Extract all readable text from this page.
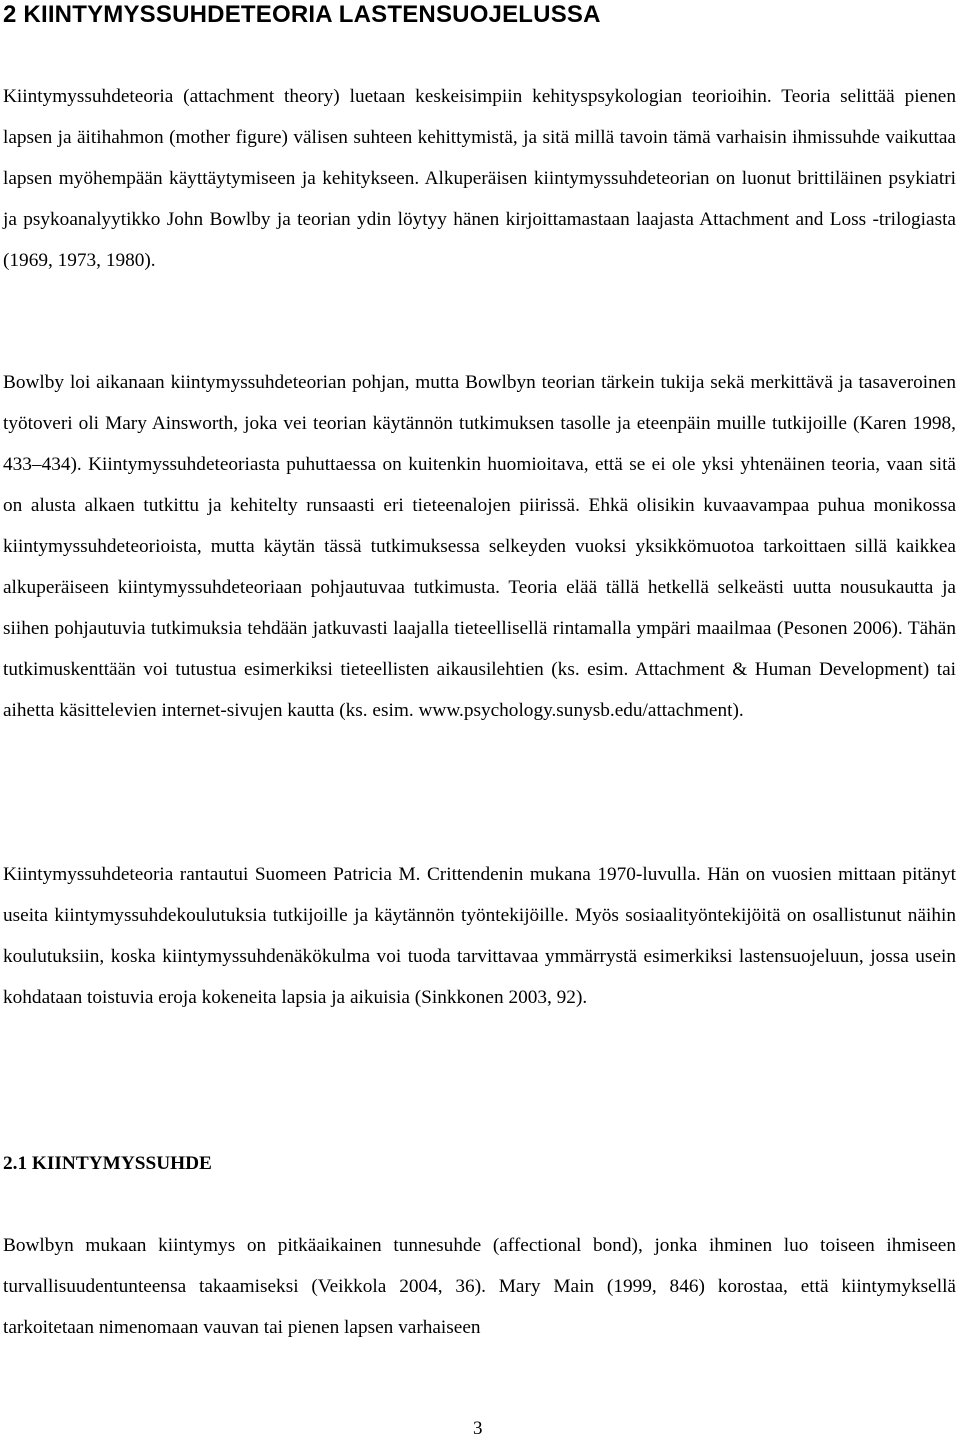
2 KIINTYMYSSUHDETEORIA LASTENSUOJELUSSA

Kiintymyssuhdeteoria (attachment theory) luetaan keskeisimpiin kehityspsykologian teorioihin. Teoria selittää pienen lapsen ja äitihahmon (mother figure) välisen suhteen kehittymistä, ja sitä millä tavoin tämä varhaisin ihmissuhde vaikuttaa lapsen myöhempään käyttäytymiseen ja kehitykseen. Alkuperäisen kiintymyssuhdeteorian on luonut brittiläinen psykiatri ja psykoanalyytikko John Bowlby ja teorian ydin löytyy hänen kirjoittamastaan laajasta Attachment and Loss -trilogiasta (1969, 1973, 1980).

Bowlby loi aikanaan kiintymyssuhdeteorian pohjan, mutta Bowlbyn teorian tärkein tukija sekä merkittävä ja tasaveroinen työtoveri oli Mary Ainsworth, joka vei teorian käytännön tutkimuksen tasolle ja eteenpäin muille tutkijoille (Karen 1998, 433–434). Kiintymyssuhdeteoriasta puhuttaessa on kuitenkin huomioitava, että se ei ole yksi yhtenäinen teoria, vaan sitä on alusta alkaen tutkittu ja kehitelty runsaasti eri tieteenalojen piirissä. Ehkä olisikin kuvaavampaa puhua monikossa kiintymyssuhdeteorioista, mutta käytän tässä tutkimuksessa selkeyden vuoksi yksikkömuotoa tarkoittaen sillä kaikkea alkuperäiseen kiintymyssuhdeteoriaan pohjautuvaa tutkimusta. Teoria elää tällä hetkellä selkeästi uutta nousukautta ja siihen pohjautuvia tutkimuksia tehdään jatkuvasti laajalla tieteellisellä rintamalla ympäri maailmaa (Pesonen 2006). Tähän tutkimuskenttään voi tutustua esimerkiksi tieteellisten aikausilehtien (ks. esim. Attachment & Human Development) tai aihetta käsittelevien internet-sivujen kautta (ks. esim. www.psychology.sunysb.edu/attachment).

Kiintymyssuhdeteoria rantautui Suomeen Patricia M. Crittendenin mukana 1970-luvulla. Hän on vuosien mittaan pitänyt useita kiintymyssuhdekoulutuksia tutkijoille ja käytännön työntekijöille. Myös sosiaalityöntekijöitä on osallistunut näihin koulutuksiin, koska kiintymyssuhdenäkökulma voi tuoda tarvittavaa ymmärrystä esimerkiksi lastensuojeluun, jossa usein kohdataan toistuvia eroja kokeneita lapsia ja aikuisia (Sinkkonen 2003, 92).

2.1 KIINTYMYSSUHDE

Bowlbyn mukaan kiintymys on pitkäaikainen tunnesuhde (affectional bond), jonka ihminen luo toiseen ihmiseen turvallisuudentunteensa takaamiseksi (Veikkola 2004, 36). Mary Main (1999, 846) korostaa, että kiintymyksellä tarkoitetaan nimenomaan vauvan tai pienen lapsen varhaiseen

3
